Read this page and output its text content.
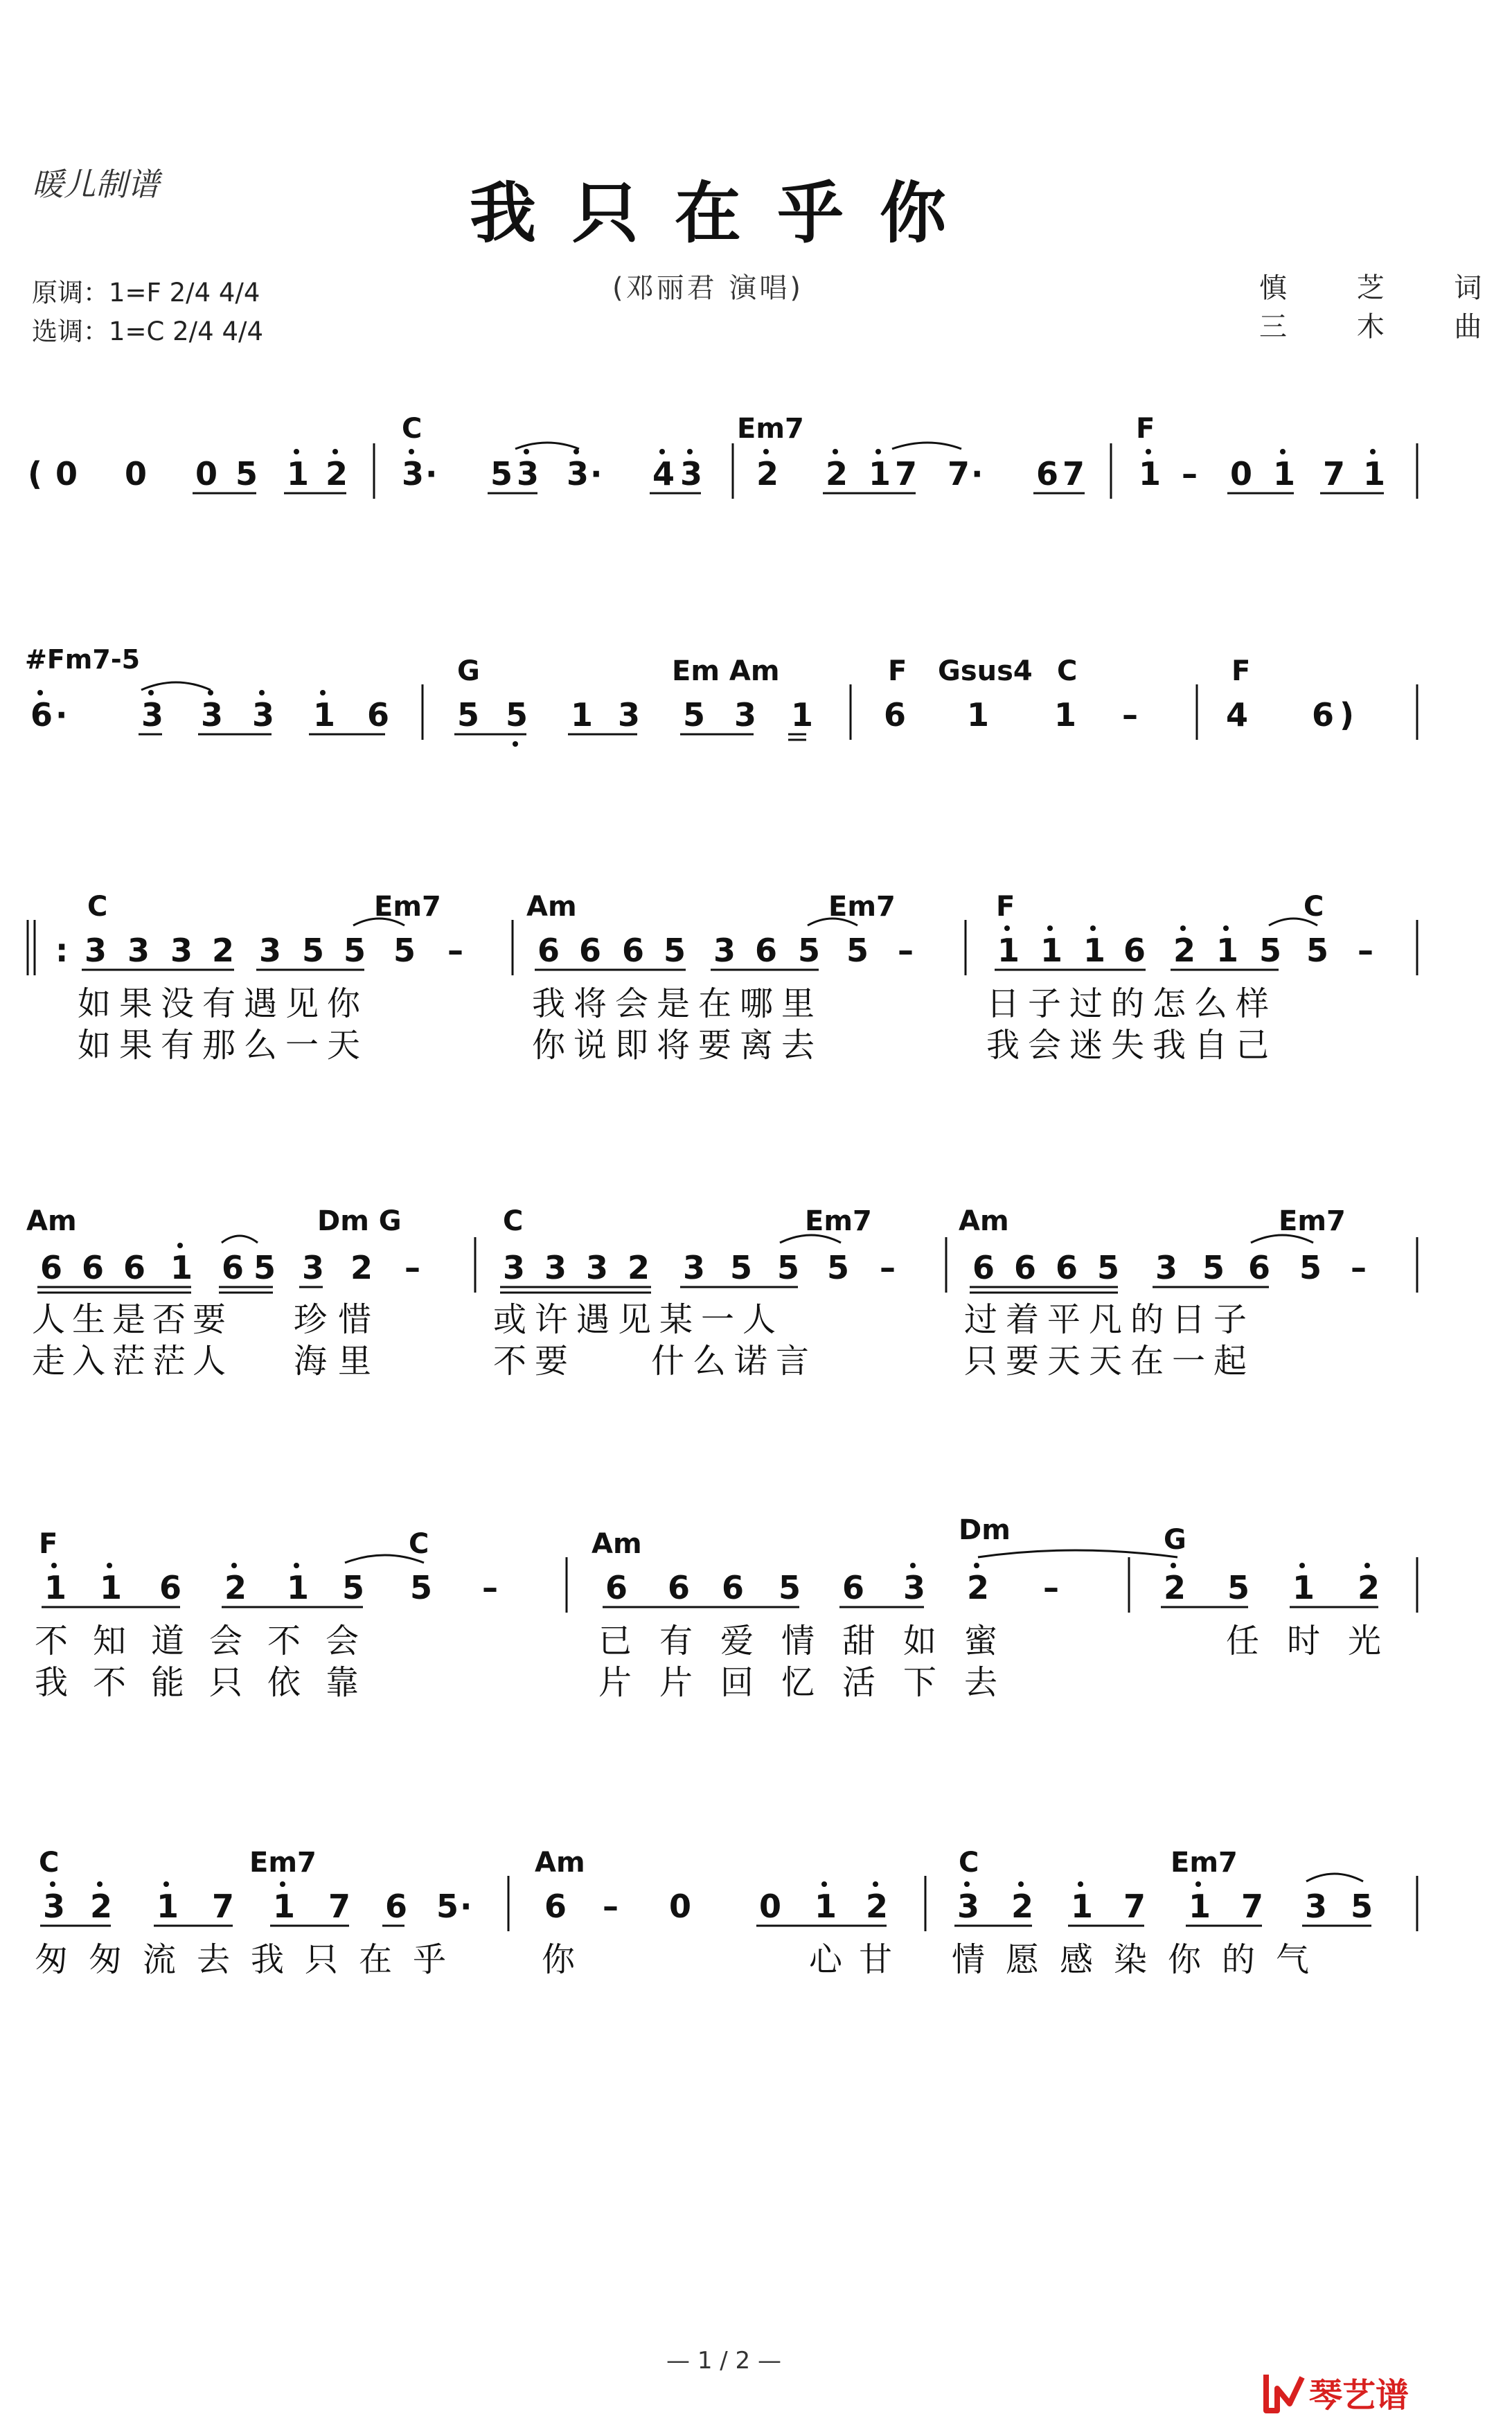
暖儿制谱	我只在乎你
(邓丽君 演唱)
原调：1=F 2/4 4/4
选调：1=C 2/4 4/4
慎 芝 词
三 木 曲
C	Em7	F
( 0 0 0 5 1 2 3 · 5 3 3 · 4 3 2 2 1 7 7 · 6 7 1 – 0 1 7 1
#Fm7-5	G	Em Am	F Gsus4 C	F
6 · 3 3 3 1 6 5 5 1 3 5 3 1 6 1 1 –	4 6 )
C	Em7	Am	Em7	F	C
: 3 3 3 2 3 5 5 5 – 6 6 6 5 3 6 5 5 –	1 1 1 6 2 1 5 5 –
如果没有遇见你	我将会是在哪里	日子过的怎么样
如果有那么一天	你说即将要离去	我会迷失我自己
Am	Dm G	C	Em7	Am	Em7
6 6 6 1 6 5 3 2 –	3 3 3 2 3 5 5 5 – 6 6 6 5 3 5 6 5 –
人生是否要 珍惜	或许遇见某一人	过着平凡的日子
走入茫茫人 海里	不要 什么诺言	只要天天在一起
F	C	Am	Dm	G
1 1 6 2 1 5 5 –	6 6 6 5 6 3 2 –	2 5 1 2
不知道会不会	已有爱情甜如蜜	任时光
我不能只依靠	片片回忆活下去
C	Em7	Am	C	Em7
3 2 1 7 1 7 6 5 · 6 – 0 0 1 2 3 2 1 7 1 7 3 5
匆匆流去我只在乎 你	心甘 情愿感染你的气
— 1 / 2 —
琴艺谱
